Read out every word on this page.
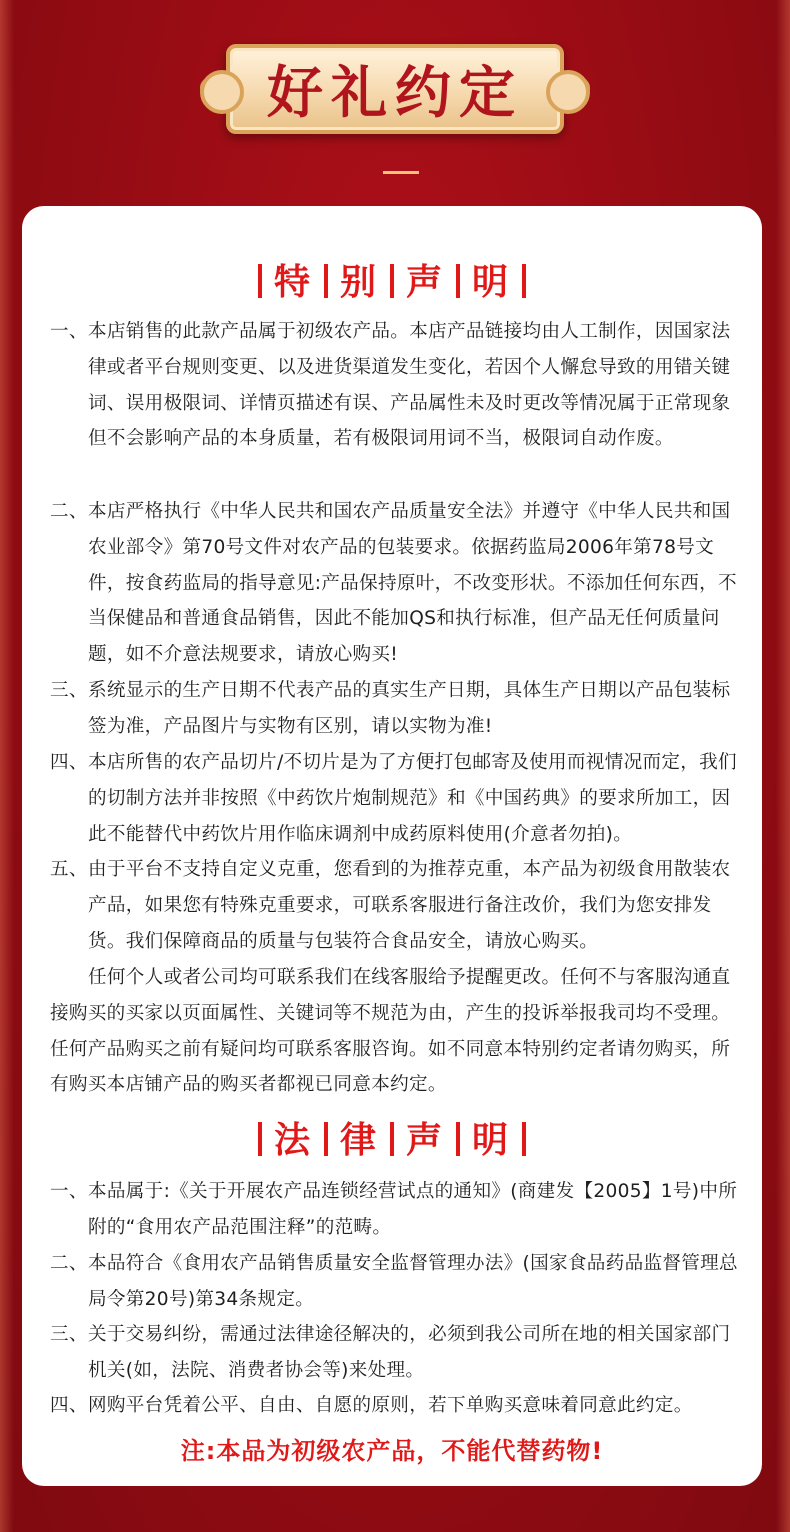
好礼约定
特 别 声 明
一、 本店销售的此款产品属于初级农产品。本店产品链接均由人工制作，因国家法律或者平台规则变更、以及进货渠道发生变化，若因个人懈怠导致的用错关键词、误用极限词、详情页描述有误、产品属性未及时更改等情况属于正常现象但不会影响产品的本身质量，若有极限词用词不当，极限词自动作废。
二、 本店严格执行《中华人民共和国农产品质量安全法》并遵守《中华人民共和国农业部令》第70号文件对农产品的包装要求。依据药监局2006年第78号文件，按食药监局的指导意见:产品保持原叶，不改变形状。不添加任何东西，不当保健品和普通食品销售，因此不能加QS和执行标准，但产品无任何质量问题，如不介意法规要求，请放心购买!
三、 系统显示的生产日期不代表产品的真实生产日期，具体生产日期以产品包装标签为准，产品图片与实物有区别，请以实物为准!
四、 本店所售的农产品切片/不切片是为了方便打包邮寄及使用而视情况而定，我们的切制方法并非按照《中药饮片炮制规范》和《中国药典》的要求所加工，因此不能替代中药饮片用作临床调剂中成药原料使用(介意者勿拍)。
五、 由于平台不支持自定义克重，您看到的为推荐克重，本产品为初级食用散装农产品，如果您有特殊克重要求，可联系客服进行备注改价，我们为您安排发货。我们保障商品的质量与包装符合食品安全，请放心购买。
任何个人或者公司均可联系我们在线客服给予提醒更改。任何不与客服沟通直接购买的买家以页面属性、关键词等不规范为由，产生的投诉举报我司均不受理。任何产品购买之前有疑问均可联系客服咨询。如不同意本特别约定者请勿购买，所有购买本店铺产品的购买者都视已同意本约定。
法 律 声 明
一、 本品属于:《关于开展农产品连锁经营试点的通知》(商建发【2005】1号)中所附的“食用农产品范围注释”的范畴。
二、 本品符合《食用农产品销售质量安全监督管理办法》(国家食品药品监督管理总局令第20号)第34条规定。
三、 关于交易纠纷，需通过法律途径解决的，必须到我公司所在地的相关国家部门机关(如，法院、消费者协会等)来处理。
四、 网购平台凭着公平、自由、自愿的原则，若下单购买意味着同意此约定。
注:本品为初级农产品，不能代替药物!
